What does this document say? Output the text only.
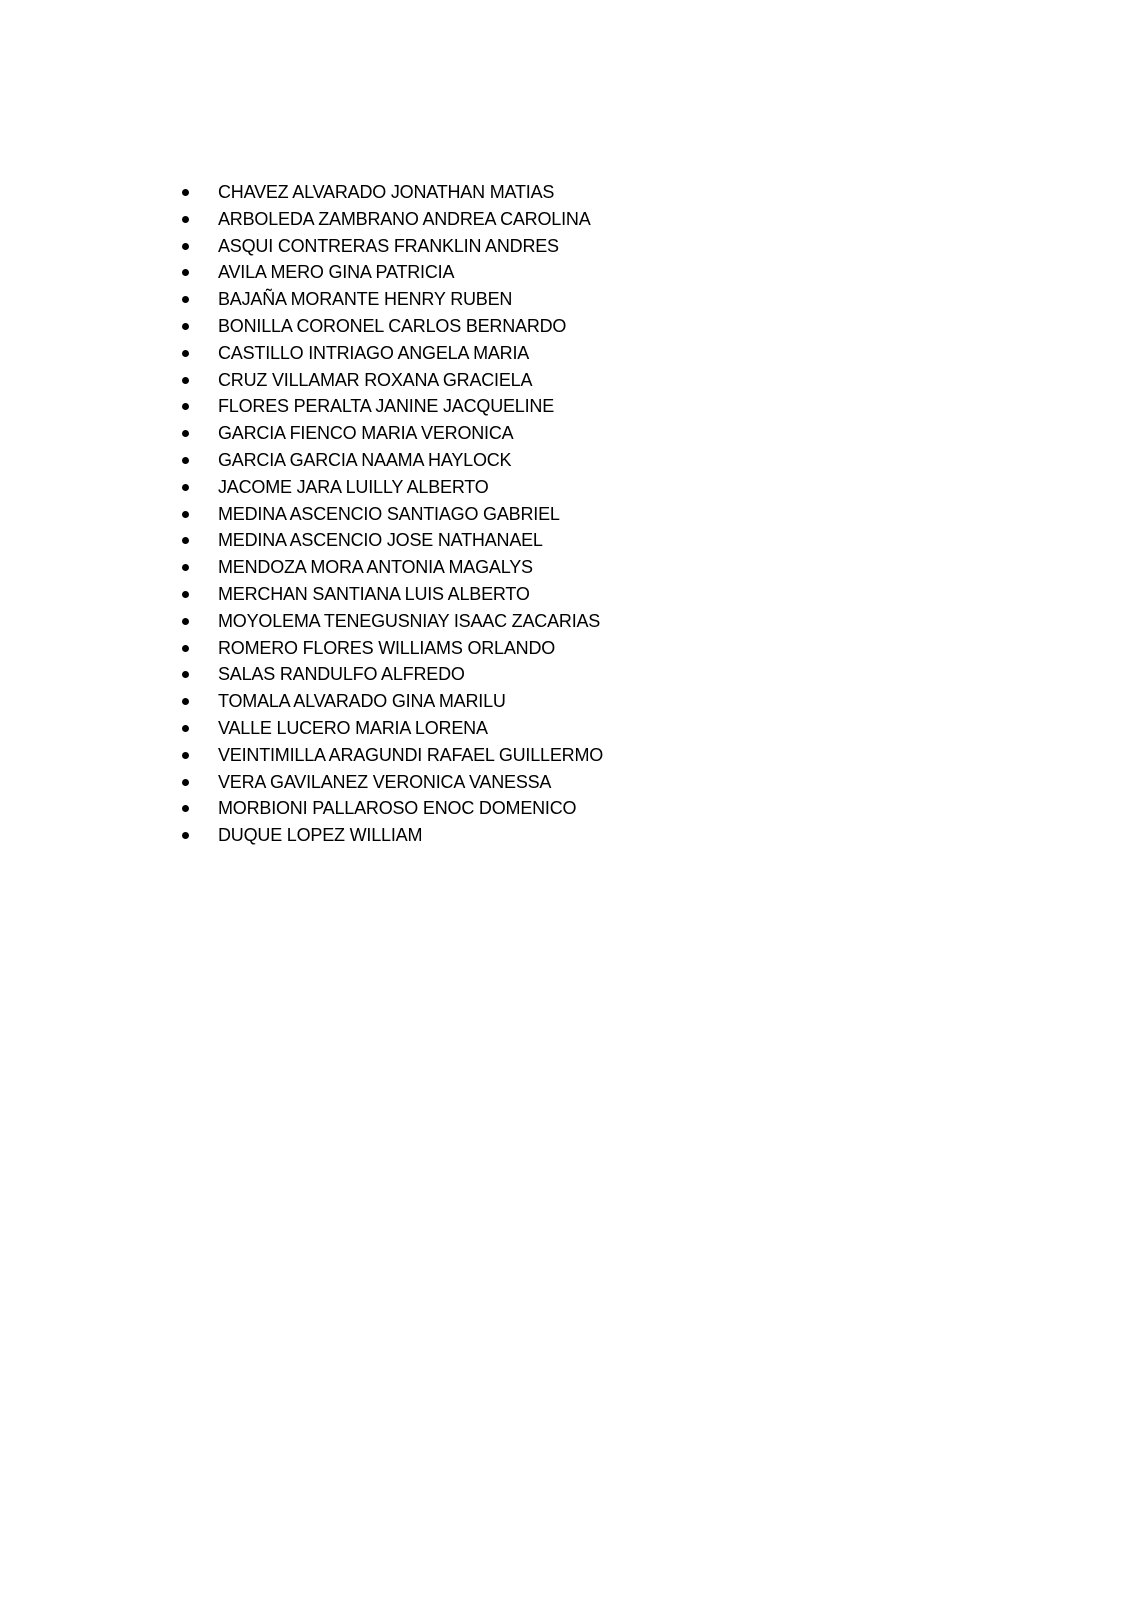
CHAVEZ ALVARADO JONATHAN MATIAS
ARBOLEDA ZAMBRANO ANDREA CAROLINA
ASQUI CONTRERAS FRANKLIN ANDRES
AVILA MERO GINA PATRICIA
BAJAÑA MORANTE HENRY RUBEN
BONILLA CORONEL CARLOS BERNARDO
CASTILLO INTRIAGO ANGELA MARIA
CRUZ VILLAMAR ROXANA GRACIELA
FLORES PERALTA JANINE JACQUELINE
GARCIA FIENCO MARIA VERONICA
GARCIA GARCIA NAAMA HAYLOCK
JACOME JARA LUILLY ALBERTO
MEDINA ASCENCIO SANTIAGO GABRIEL
MEDINA ASCENCIO JOSE NATHANAEL
MENDOZA MORA ANTONIA MAGALYS
MERCHAN SANTIANA LUIS ALBERTO
MOYOLEMA TENEGUSNIAY ISAAC ZACARIAS
ROMERO FLORES WILLIAMS ORLANDO
SALAS RANDULFO ALFREDO
TOMALA ALVARADO GINA MARILU
VALLE LUCERO MARIA LORENA
VEINTIMILLA ARAGUNDI RAFAEL GUILLERMO
VERA GAVILANEZ VERONICA VANESSA
MORBIONI PALLAROSO ENOC DOMENICO
DUQUE LOPEZ WILLIAM
